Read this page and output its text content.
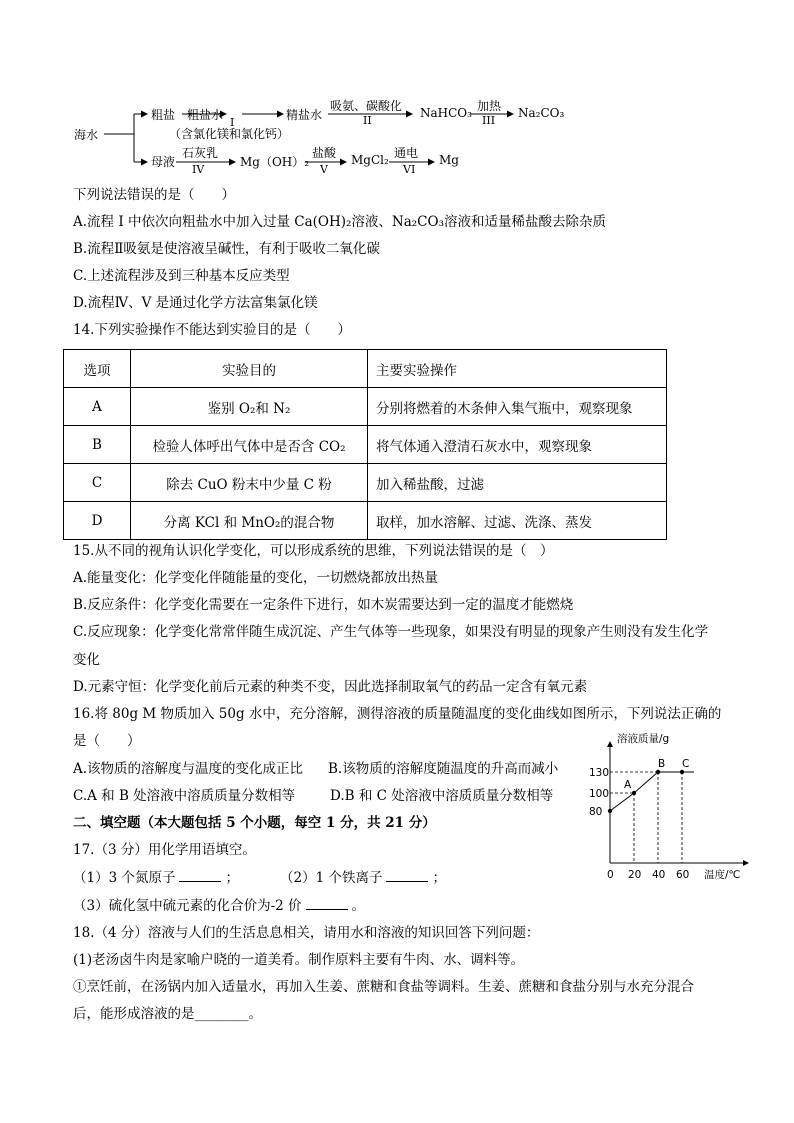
海水
粗盐 粗盐水
I
精盐水
吸氨、碳酸化
II
NaHCO₃ 加热
III
Na₂CO₃
（含氯化镁和氯化钙）
母液
石灰乳
IV
Mg（OH）₂
盐酸
V
MgCl₂ 通电
VI
Mg
下列说法错误的是（　　）
A.流程 I 中依次向粗盐水中加入过量 Ca(OH)₂溶液、Na₂CO₃溶液和适量稀盐酸去除杂质
B.流程Ⅱ吸氨是使溶液呈碱性，有利于吸收二氧化碳
C.上述流程涉及到三种基本反应类型
D.流程Ⅳ、V 是通过化学方法富集氯化镁
14.下列实验操作不能达到实验目的是（　　）
选项	实验目的	主要实验操作
A	鉴别 O₂和 N₂	分别将燃着的木条伸入集气瓶中，观察现象
B	检验人体呼出气体中是否含 CO₂	将气体通入澄清石灰水中，观察现象
C	除去 CuO 粉末中少量 C 粉	加入稀盐酸，过滤
D	分离 KCl 和 MnO₂的混合物	取样，加水溶解、过滤、洗涤、蒸发
15.从不同的视角认识化学变化，可以形成系统的思维，下列说法错误的是（　）
A.能量变化：化学变化伴随能量的变化，一切燃烧都放出热量
B.反应条件：化学变化需要在一定条件下进行，如木炭需要达到一定的温度才能燃烧
C.反应现象：化学变化常常伴随生成沉淀、产生气体等一些现象，如果没有明显的现象产生则没有发生化学
变化
D.元素守恒：化学变化前后元素的种类不变，因此选择制取氧气的药品一定含有氧元素
16.将 80g M 物质加入 50g 水中，充分溶解，测得溶液的质量随温度的变化曲线如图所示，下列说法正确的
是（　　）
A.该物质的溶解度与温度的变化成正比 B.该物质的溶解度随温度的升高而减小
C.A 和 B 处溶液中溶质质量分数相等	D.B 和 C 处溶液中溶质质量分数相等
二、填空题（本大题包括 5 个小题，每空 1 分，共 21 分）
17.（3 分）用化学用语填空。
（1）3 个氮原子	；	（2）1 个铁离子	；
（3）硫化氢中硫元素的化合价为-2 价	。
18.（4 分）溶液与人们的生活息息相关，请用水和溶液的知识回答下列问题：
(1)老汤卤牛肉是家喻户晓的一道美肴。制作原料主要有牛肉、水、调料等。
①烹饪前，在汤锅内加入适量水，再加入生姜、蔗糖和食盐等调料。生姜、蔗糖和食盐分别与水充分混合
后，能形成溶液的是________。
溶液质量/g
温度/℃
A
B C
130
100
80
0 20 40 60
